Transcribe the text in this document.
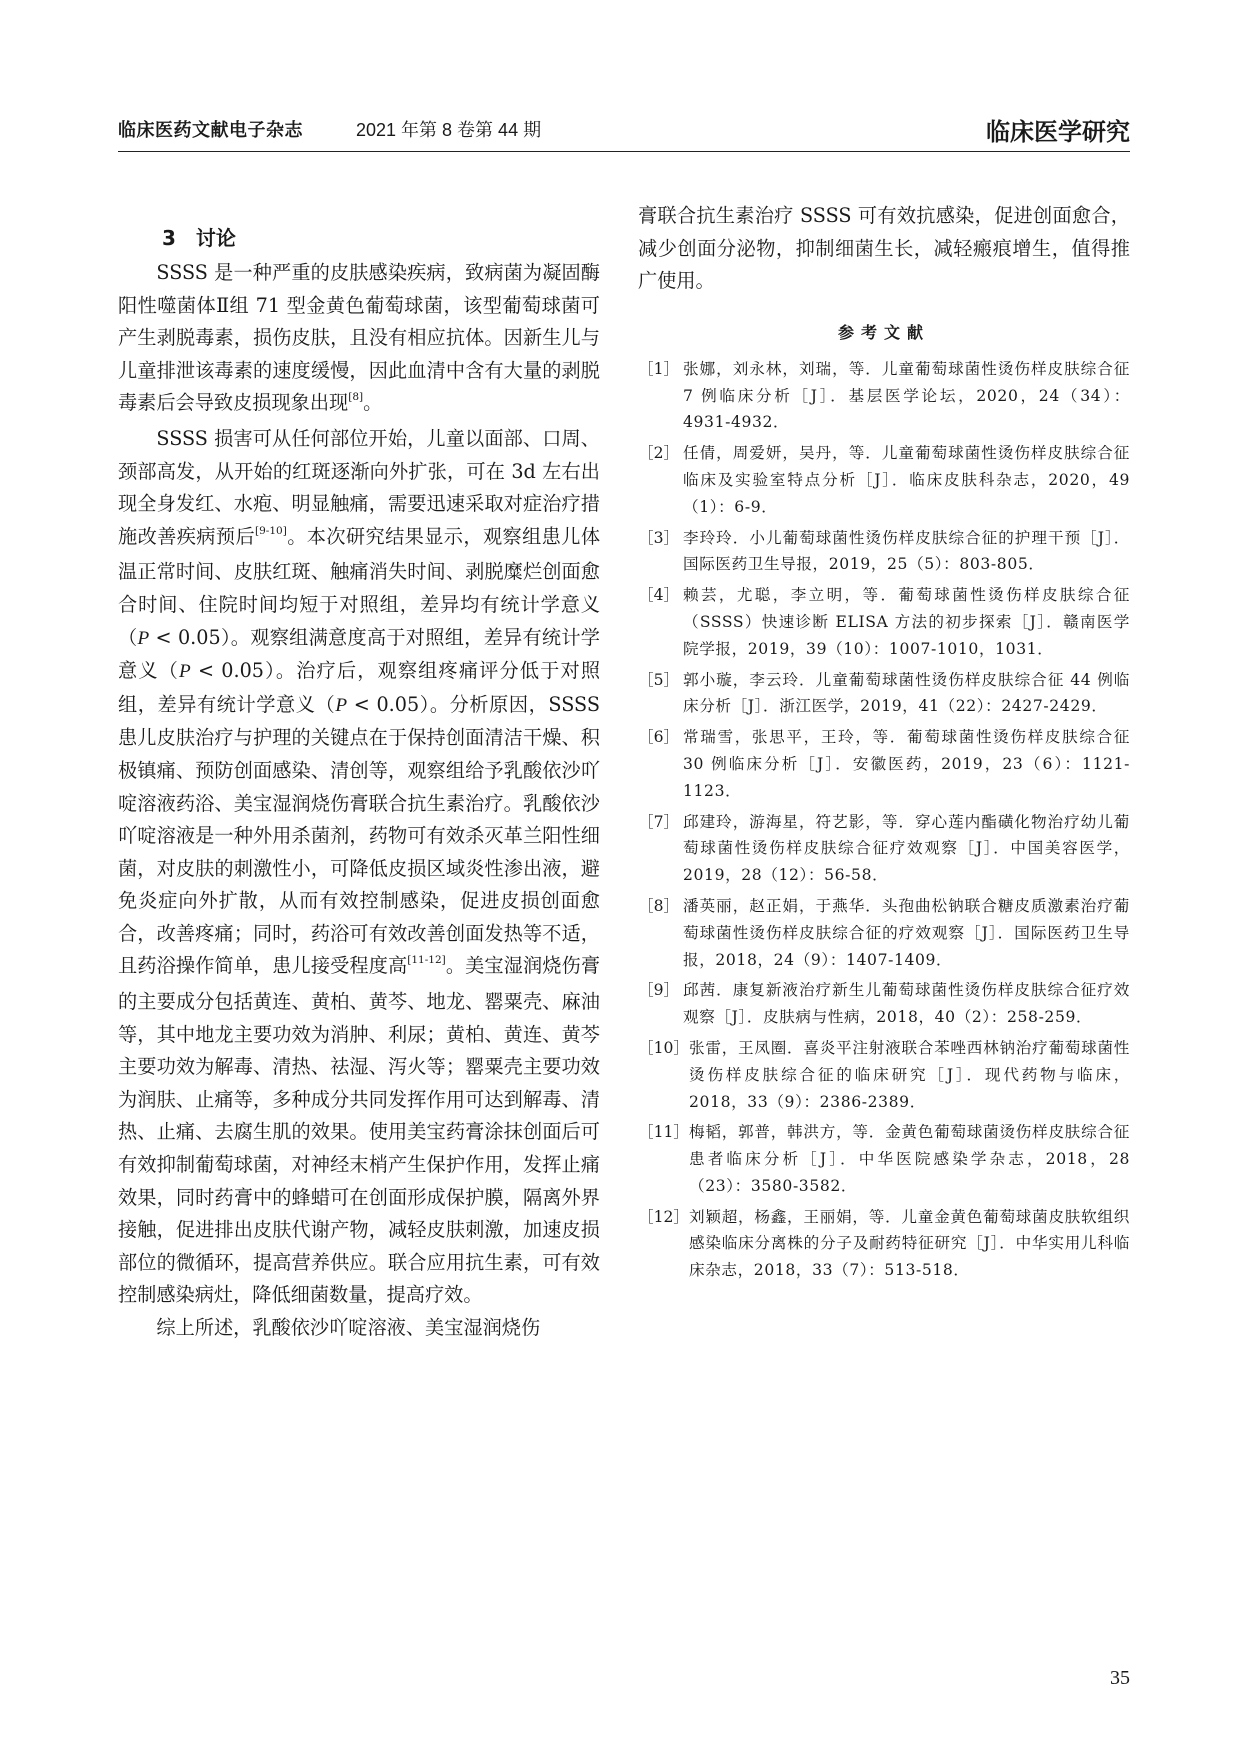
临床医药文献电子杂志	2021 年第 8 卷第 44 期	临床医学研究
3　讨论

SSSS 是一种严重的皮肤感染疾病，致病菌为凝固酶阳性噬菌体Ⅱ组 71 型金黄色葡萄球菌，该型葡萄球菌可产生剥脱毒素，损伤皮肤，且没有相应抗体。因新生儿与儿童排泄该毒素的速度缓慢，因此血清中含有大量的剥脱毒素后会导致皮损现象出现[8]。

SSSS 损害可从任何部位开始，儿童以面部、口周、颈部高发，从开始的红斑逐渐向外扩张，可在 3d 左右出现全身发红、水疱、明显触痛，需要迅速采取对症治疗措施改善疾病预后[9-10]。本次研究结果显示，观察组患儿体温正常时间、皮肤红斑、触痛消失时间、剥脱糜烂创面愈合时间、住院时间均短于对照组，差异均有统计学意义（P < 0.05）。观察组满意度高于对照组，差异有统计学意义（P < 0.05）。治疗后，观察组疼痛评分低于对照组，差异有统计学意义（P < 0.05）。分析原因，SSSS 患儿皮肤治疗与护理的关键点在于保持创面清洁干燥、积极镇痛、预防创面感染、清创等，观察组给予乳酸依沙吖啶溶液药浴、美宝湿润烧伤膏联合抗生素治疗。乳酸依沙吖啶溶液是一种外用杀菌剂，药物可有效杀灭革兰阳性细菌，对皮肤的刺激性小，可降低皮损区域炎性渗出液，避免炎症向外扩散，从而有效控制感染，促进皮损创面愈合，改善疼痛；同时，药浴可有效改善创面发热等不适，且药浴操作简单，患儿接受程度高[11-12]。美宝湿润烧伤膏的主要成分包括黄连、黄柏、黄芩、地龙、罂粟壳、麻油等，其中地龙主要功效为消肿、利尿；黄柏、黄连、黄芩主要功效为解毒、清热、祛湿、泻火等；罂粟壳主要功效为润肤、止痛等，多种成分共同发挥作用可达到解毒、清热、止痛、去腐生肌的效果。使用美宝药膏涂抹创面后可有效抑制葡萄球菌，对神经末梢产生保护作用，发挥止痛效果，同时药膏中的蜂蜡可在创面形成保护膜，隔离外界接触，促进排出皮肤代谢产物，减轻皮肤刺激，加速皮损部位的微循环，提高营养供应。联合应用抗生素，可有效控制感染病灶，降低细菌数量，提高疗效。

综上所述，乳酸依沙吖啶溶液、美宝湿润烧伤

膏联合抗生素治疗 SSSS 可有效抗感染，促进创面愈合，减少创面分泌物，抑制细菌生长，减轻瘢痕增生，值得推广使用。

参考文献
［1］ 张娜，刘永林，刘瑞，等．儿童葡萄球菌性烫伤样皮肤综合征 7 例临床分析［J］．基层医学论坛，2020，24（34）：4931-4932．
［2］ 任倩，周爱妍，吴丹，等．儿童葡萄球菌性烫伤样皮肤综合征临床及实验室特点分析［J］．临床皮肤科杂志，2020，49（1）：6-9．
［3］ 李玲玲．小儿葡萄球菌性烫伤样皮肤综合征的护理干预［J］．国际医药卫生导报，2019，25（5）：803-805．
［4］ 赖芸，尤聪，李立明，等．葡萄球菌性烫伤样皮肤综合征（SSSS）快速诊断 ELISA 方法的初步探索［J］．赣南医学院学报，2019，39（10）：1007-1010，1031．
［5］ 郭小璇，李云玲．儿童葡萄球菌性烫伤样皮肤综合征 44 例临床分析［J］．浙江医学，2019，41（22）：2427-2429．
［6］ 常瑞雪，张思平，王玲，等．葡萄球菌性烫伤样皮肤综合征 30 例临床分析［J］．安徽医药，2019，23（6）：1121-1123．
［7］ 邱建玲，游海星，符艺影，等．穿心莲内酯磺化物治疗幼儿葡萄球菌性烫伤样皮肤综合征疗效观察［J］．中国美容医学，2019，28（12）：56-58．
［8］ 潘英丽，赵正娟，于燕华．头孢曲松钠联合糖皮质激素治疗葡萄球菌性烫伤样皮肤综合征的疗效观察［J］．国际医药卫生导报，2018，24（9）：1407-1409．
［9］ 邱茜．康复新液治疗新生儿葡萄球菌性烫伤样皮肤综合征疗效观察［J］．皮肤病与性病，2018，40（2）：258-259．
［10］ 张雷，王凤圈．喜炎平注射液联合苯唑西林钠治疗葡萄球菌性烫伤样皮肤综合征的临床研究［J］．现代药物与临床，2018，33（9）：2386-2389．
［11］ 梅韬，郭普，韩洪方，等．金黄色葡萄球菌烫伤样皮肤综合征患者临床分析［J］．中华医院感染学杂志，2018，28（23）：3580-3582．
［12］ 刘颖超，杨鑫，王丽娟，等．儿童金黄色葡萄球菌皮肤软组织感染临床分离株的分子及耐药特征研究［J］．中华实用儿科临床杂志，2018，33（7）：513-518．
35
